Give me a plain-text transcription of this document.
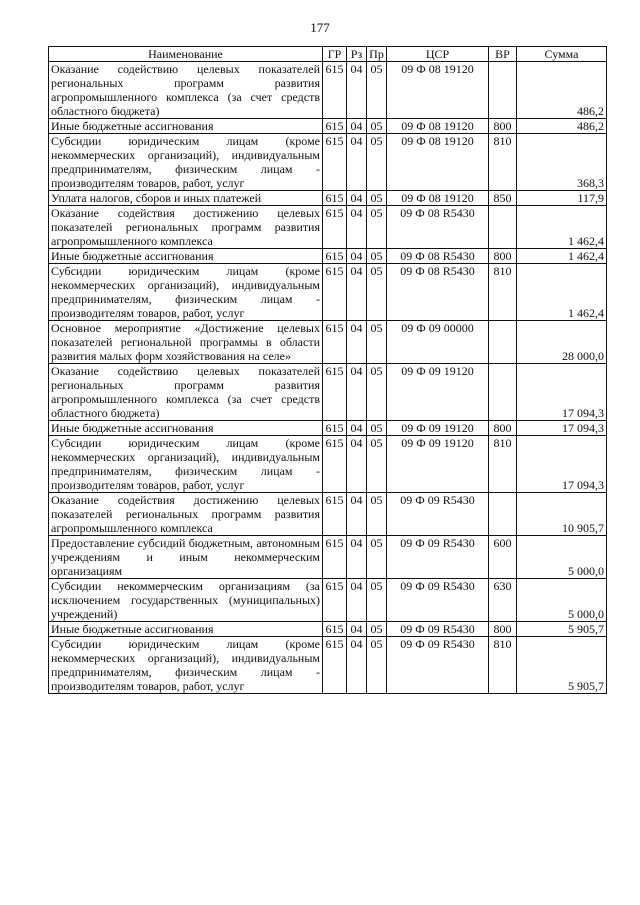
177
Наименование	ГР	Рз	Пр	ЦСР	ВР	Сумма
Оказание содействию целевых показателей региональных программ развития агропромышленного комплекса (за счет средств областного бюджета)	615	04	05	09 Ф 08 19120		486,2
Иные бюджетные ассигнования	615	04	05	09 Ф 08 19120	800	486,2
Субсидии юридическим лицам (кроме некоммерческих организаций), индивидуальным предпринимателям, физическим лицам - производителям товаров, работ, услуг	615	04	05	09 Ф 08 19120	810	368,3
Уплата налогов, сборов и иных платежей	615	04	05	09 Ф 08 19120	850	117,9
Оказание содействия достижению целевых показателей региональных программ развития агропромышленного комплекса	615	04	05	09 Ф 08 R5430		1 462,4
Иные бюджетные ассигнования	615	04	05	09 Ф 08 R5430	800	1 462,4
Субсидии юридическим лицам (кроме некоммерческих организаций), индивидуальным предпринимателям, физическим лицам - производителям товаров, работ, услуг	615	04	05	09 Ф 08 R5430	810	1 462,4
Основное мероприятие «Достижение целевых показателей региональной программы в области развития малых форм хозяйствования на селе»	615	04	05	09 Ф 09 00000		28 000,0
Оказание содействию целевых показателей региональных программ развития агропромышленного комплекса (за счет средств областного бюджета)	615	04	05	09 Ф 09 19120		17 094,3
Иные бюджетные ассигнования	615	04	05	09 Ф 09 19120	800	17 094,3
Субсидии юридическим лицам (кроме некоммерческих организаций), индивидуальным предпринимателям, физическим лицам - производителям товаров, работ, услуг	615	04	05	09 Ф 09 19120	810	17 094,3
Оказание содействия достижению целевых показателей региональных программ развития агропромышленного комплекса	615	04	05	09 Ф 09 R5430		10 905,7
Предоставление субсидий бюджетным, автономным учреждениям и иным некоммерческим организациям	615	04	05	09 Ф 09 R5430	600	5 000,0
Субсидии некоммерческим организациям (за исключением государственных (муниципальных) учреждений)	615	04	05	09 Ф 09 R5430	630	5 000,0
Иные бюджетные ассигнования	615	04	05	09 Ф 09 R5430	800	5 905,7
Субсидии юридическим лицам (кроме некоммерческих организаций), индивидуальным предпринимателям, физическим лицам - производителям товаров, работ, услуг	615	04	05	09 Ф 09 R5430	810	5 905,7
